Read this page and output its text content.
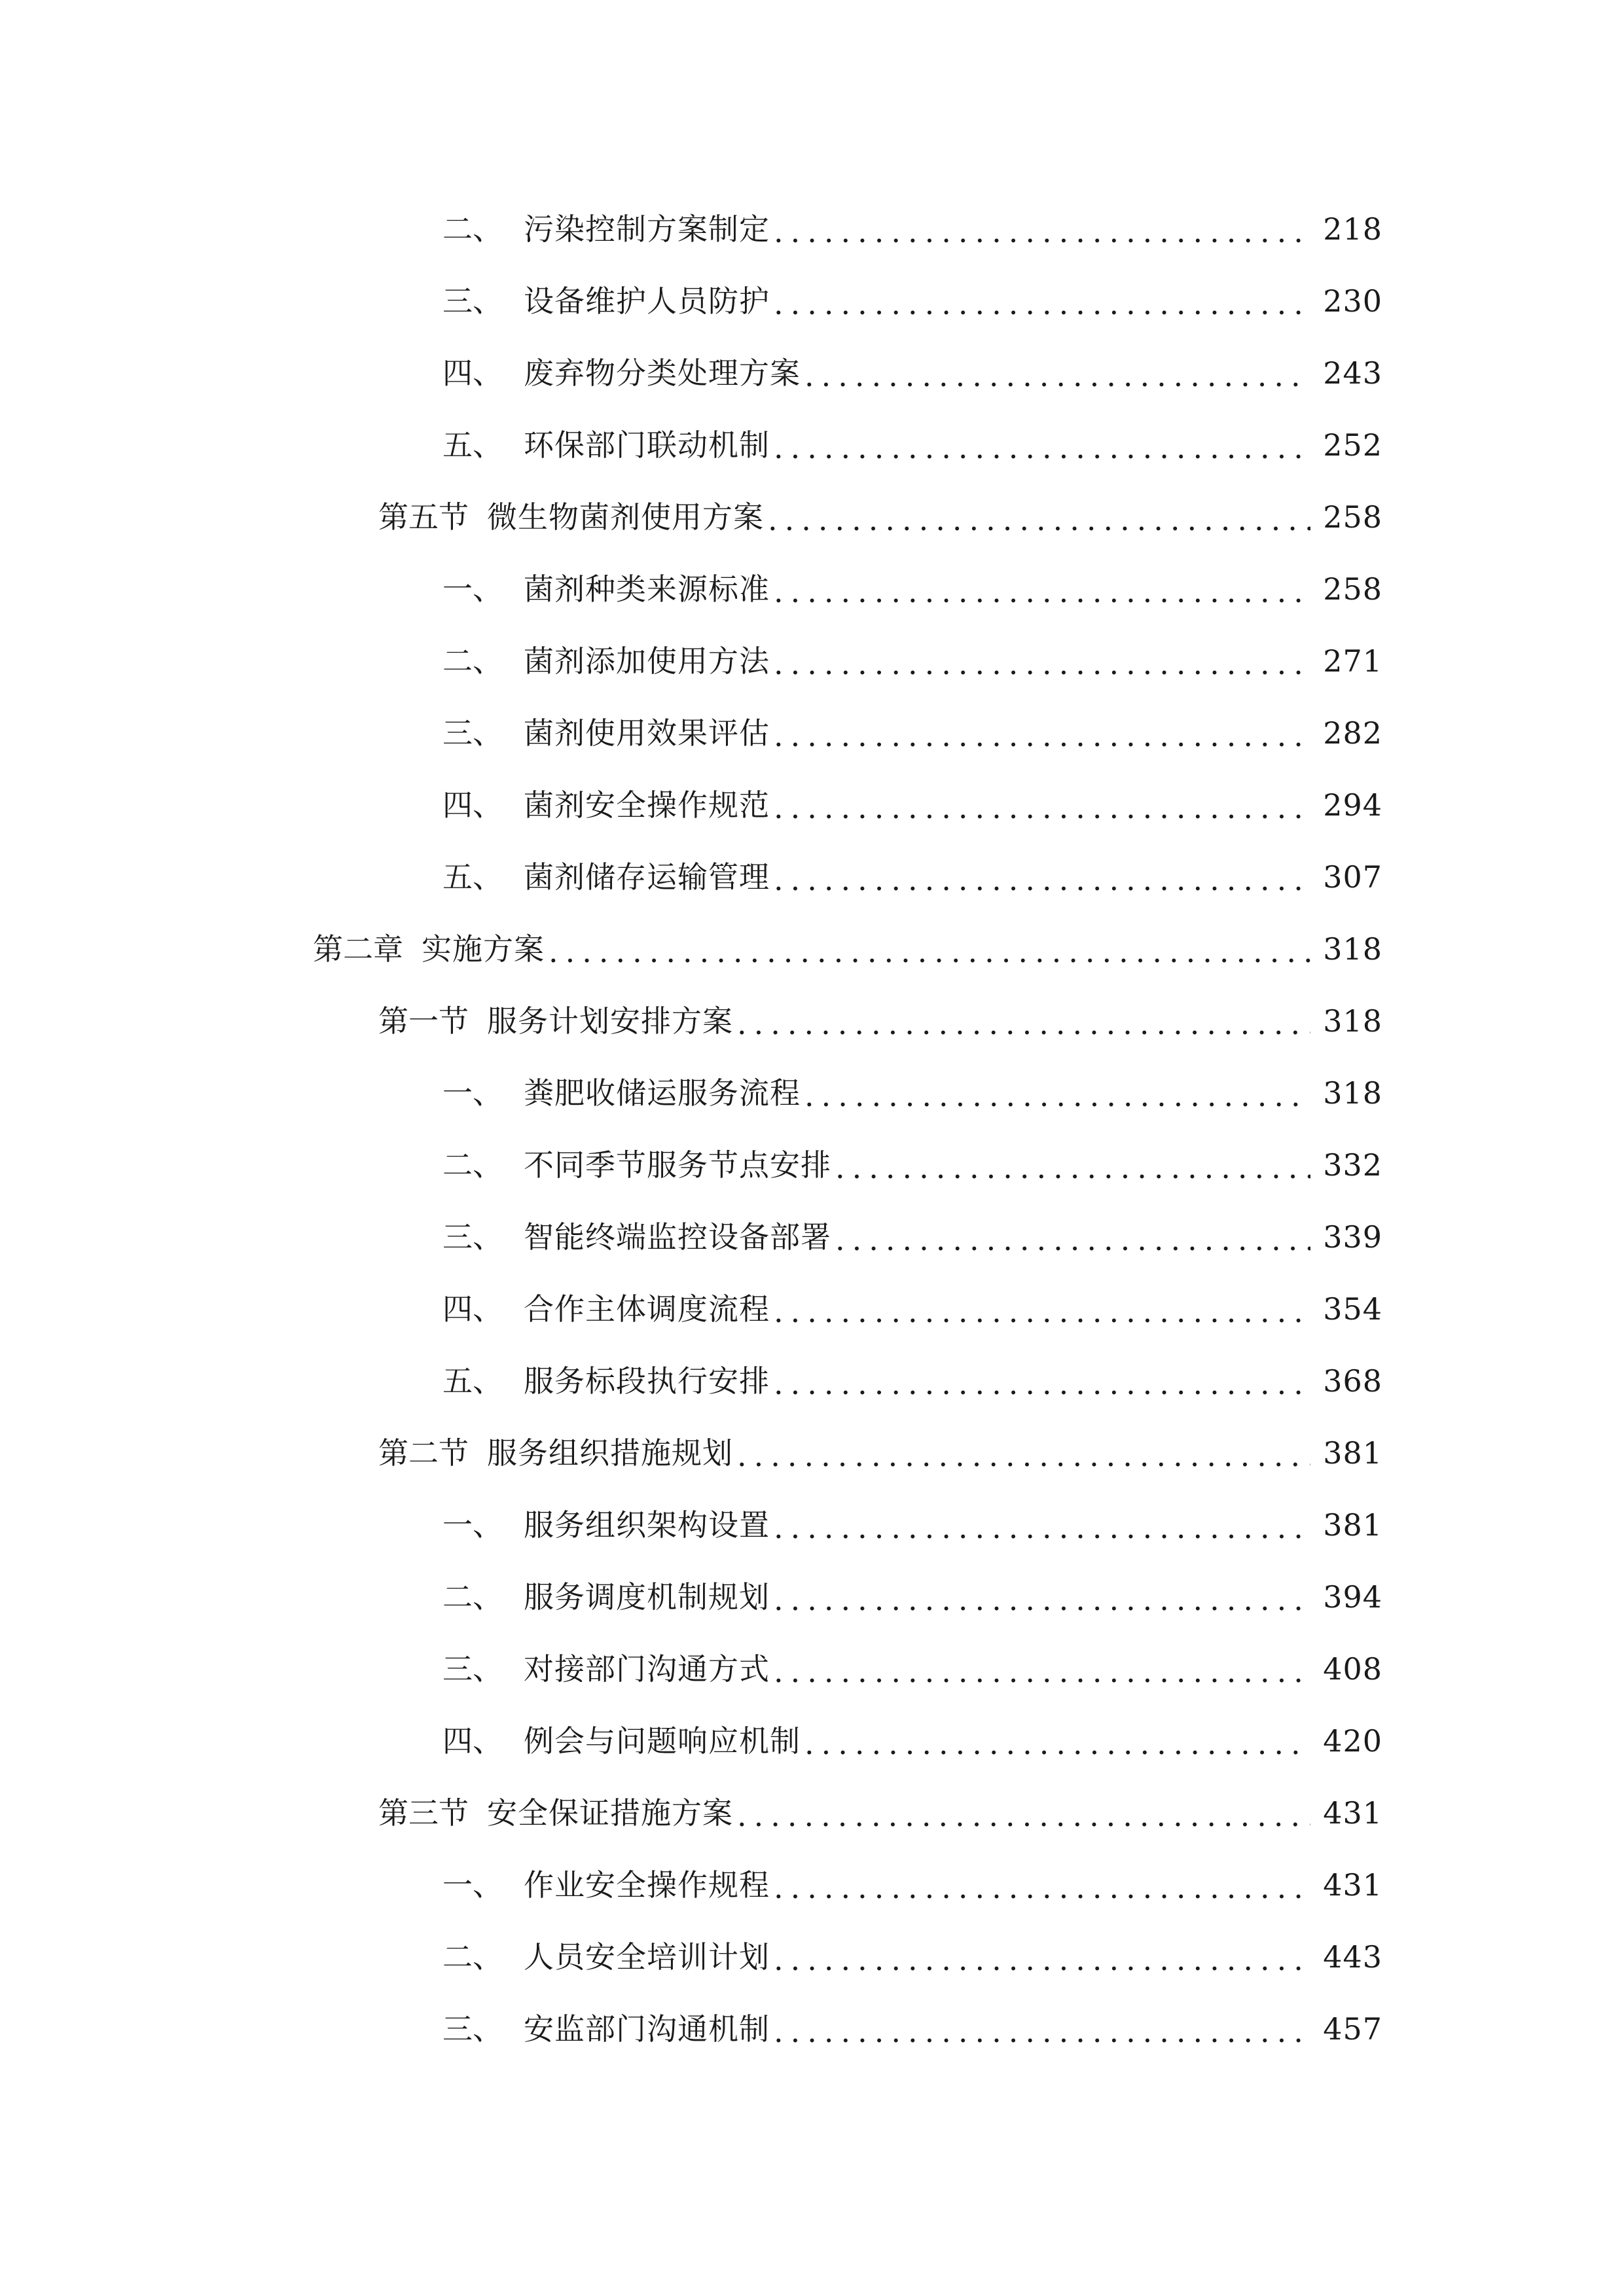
二、 污染控制方案制定 .....	218
三、 设备维护人员防护 .....	230
四、 废弃物分类处理方案 .....	243
五、 环保部门联动机制 .....	252
第五节 微生物菌剂使用方案 .....	258
一、 菌剂种类来源标准 .....	258
二、 菌剂添加使用方法 .....	271
三、 菌剂使用效果评估 .....	282
四、 菌剂安全操作规范 .....	294
五、 菌剂储存运输管理 .....	307
第二章 实施方案 .....	318
第一节 服务计划安排方案 .....	318
一、 粪肥收储运服务流程 .....	318
二、 不同季节服务节点安排 .....	332
三、 智能终端监控设备部署 .....	339
四、 合作主体调度流程 .....	354
五、 服务标段执行安排 .....	368
第二节 服务组织措施规划 .....	381
一、 服务组织架构设置 .....	381
二、 服务调度机制规划 .....	394
三、 对接部门沟通方式 .....	408
四、 例会与问题响应机制 .....	420
第三节 安全保证措施方案 .....	431
一、 作业安全操作规程 .....	431
二、 人员安全培训计划 .....	443
三、 安监部门沟通机制 .....	457
